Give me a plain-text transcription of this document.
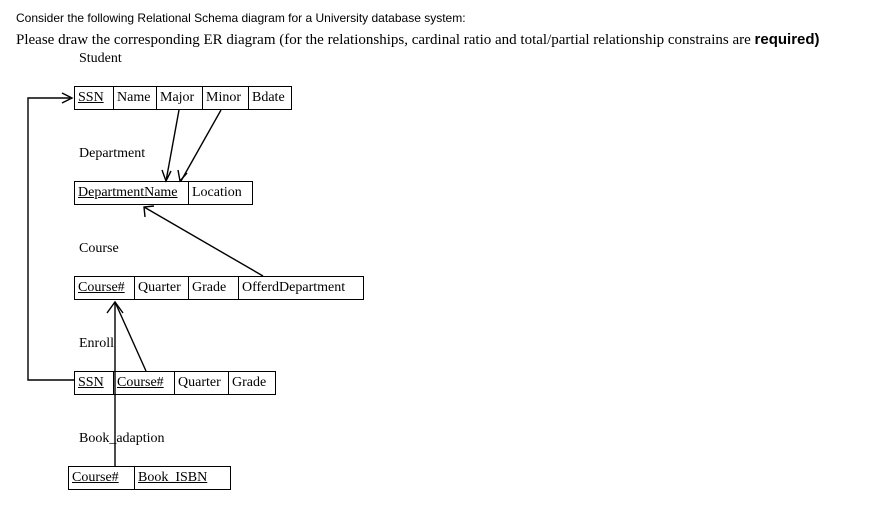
Consider the following Relational Schema diagram for a University database system:
Please draw the corresponding ER diagram (for the relationships, cardinal ratio and total/partial relationship constrains are required)
Student
SSN Name Major Minor Bdate
Department
DepartmentName	Location
Course
Course# Quarter Grade	OfferdDepartment
Enroll
SSN Course#	Quarter Grade
Book_adaption
Course#	Book_ISBN
